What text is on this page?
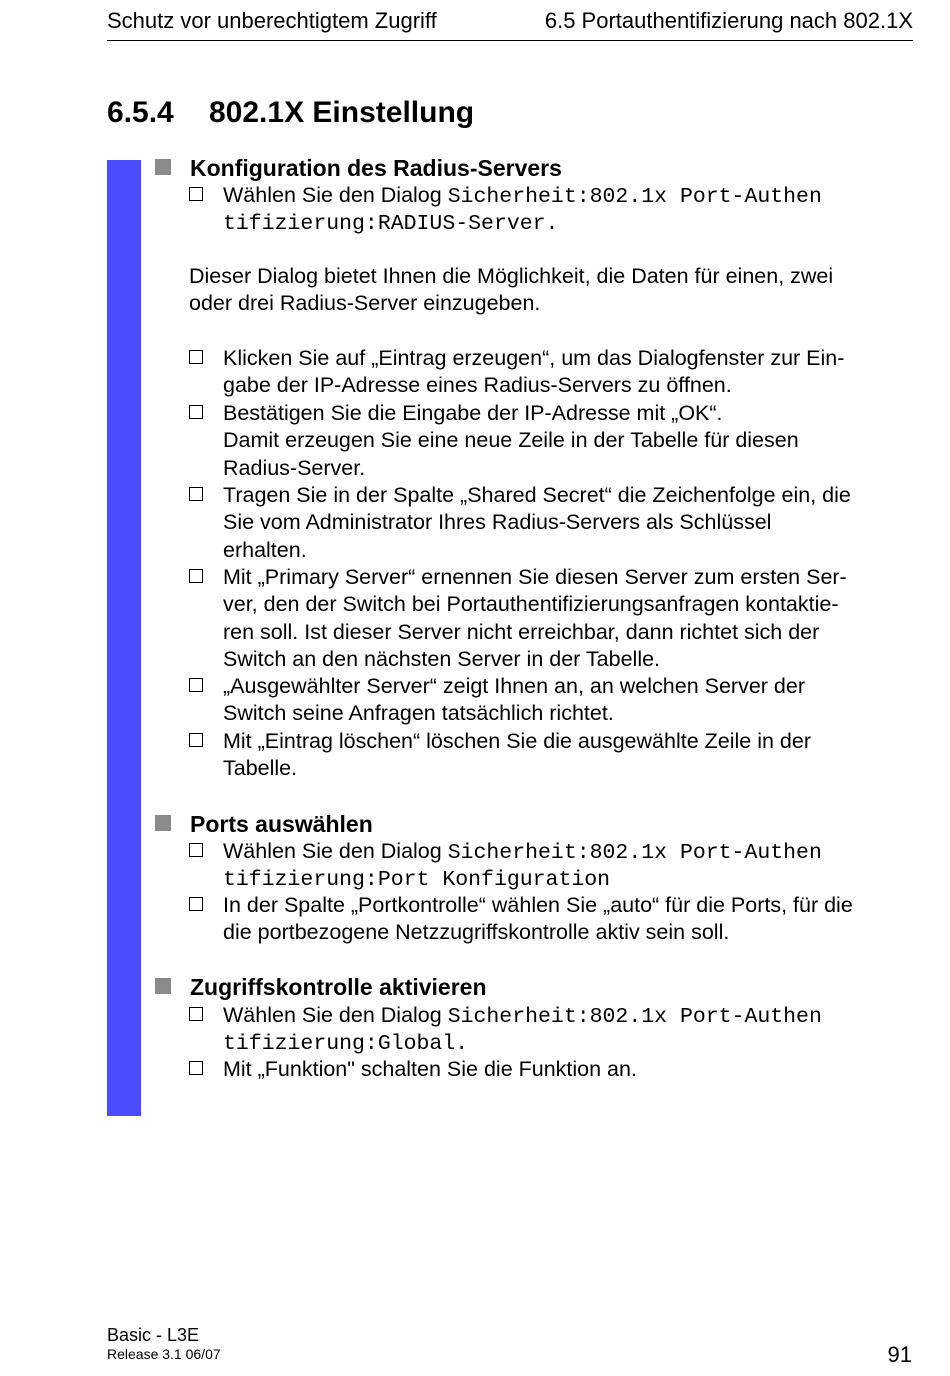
Schutz vor unberechtigtem Zugriff	6.5 Portauthentifizierung nach 802.1X
6.5.4 802.1X Einstellung
Konfiguration des Radius-Servers
Wählen Sie den Dialog Sicherheit:802.1x Port-Authen
tifizierung:RADIUS-Server.
Dieser Dialog bietet Ihnen die Möglichkeit, die Daten für einen, zwei
oder drei Radius-Server einzugeben.
Klicken Sie auf „Eintrag erzeugen“, um das Dialogfenster zur Ein-
gabe der IP-Adresse eines Radius-Servers zu öffnen.
Bestätigen Sie die Eingabe der IP-Adresse mit „OK“.
Damit erzeugen Sie eine neue Zeile in der Tabelle für diesen
Radius-Server.
Tragen Sie in der Spalte „Shared Secret“ die Zeichenfolge ein, die
Sie vom Administrator Ihres Radius-Servers als Schlüssel
erhalten.
Mit „Primary Server“ ernennen Sie diesen Server zum ersten Ser-
ver, den der Switch bei Portauthentifizierungsanfragen kontaktie-
ren soll. Ist dieser Server nicht erreichbar, dann richtet sich der
Switch an den nächsten Server in der Tabelle.
„Ausgewählter Server“ zeigt Ihnen an, an welchen Server der
Switch seine Anfragen tatsächlich richtet.
Mit „Eintrag löschen“ löschen Sie die ausgewählte Zeile in der
Tabelle.
Ports auswählen
Wählen Sie den Dialog Sicherheit:802.1x Port-Authen
tifizierung:Port Konfiguration
In der Spalte „Portkontrolle“ wählen Sie „auto“ für die Ports, für die
die portbezogene Netzzugriffskontrolle aktiv sein soll.
Zugriffskontrolle aktivieren
Wählen Sie den Dialog Sicherheit:802.1x Port-Authen
tifizierung:Global.
Mit „Funktion" schalten Sie die Funktion an.
Basic - L3E
Release 3.1 06/07	91
